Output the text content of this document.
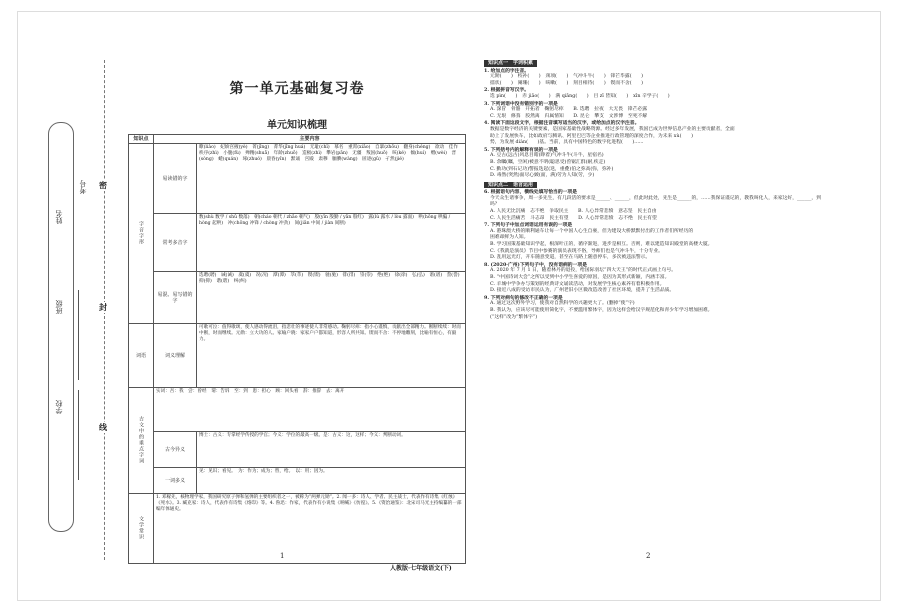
学校
班级
姓名
考号 密
封
线
第一单元基础复习卷
单元知识梳理
知识点	主要内容	
字音字形	易读错的字	瞭(liào)　妃嫔宫掖(yè)　菁(jīng)　菁华(jīng huá)　无耻(chǐ)　慕名　重霄(xiāo)　自暴(zhōu)　翻身(chéng)　欲动　佳作　秩序(zhì)　小腹(fù)　殚精(shuǎ)　年龄(zhuō)　造极(zhì)　攀岩(pān)　无疆　叛国(huō)　咳(ké)　倾(huí)　赠(wèi)　晋(sòng)　蜷(quán)　琢(zhuó)　晨昏(yǐn)　默诵　宫殿　肃穆　腼腆(wàng)　匿迹(gǔ)　孑然(jié)
	常考多音字	数(shù 数学 / shǔ 数落)　朝(cháo 朝代 / zhāo 朝气)　殷(yīn 殷勤 / yān 殷红)　露(lù 露水 / lòu 露面)　哄(hǒng 哄骗 / hòng 起哄)　冲(chōng 冲锋 / chòng 冲劲)　间(jiān 中间 / jiàn 间断)
	易混、易写错的字	选聘(聘)　诫(诫)　虞(虞)　况(况)　潭(潭)　萃(萃)　锲(锲)　驰(驰)　徘(徘)　崇(崇)　绝(绝)　徐(徐)　弘(弘)　谱(谱)　誊(誊)　抑(抑)　谐(谐)　纠(纠)
词语	词义理解	可歌可泣：值得歌颂，使人感动得流泪，指悲壮的事迹使人非常感动。鞠躬尽瘁：指小心谨慎，贡献出全部精力。断断续续：时而中断，时而继续。元勋：立大功的人。家喻户晓：家家户户都知道，形容人所共知。锲而不舍：不停地雕刻，比喻有恒心，有毅力。
古文中的重点字词	实词：吾：我　尝：曾经　谓：告诉　至：到　患：担心　顾：回头看　辞：推辞　去：离开	
	古今异义	博士：古义：专掌经学传授的学官；今义：学位的最高一级。是：古义：这，这样；今义：判断动词。
	一词多义	见：见识；看见。　为：作为；成为；替，给。　以：用；因为。
文学常识	1. 邓稼先，核物理学家，我国研究原子弹和氢弹的主要组织者之一，被称为“两弹元勋”。2. 闻一多：诗人、学者、民主战士，代表作有诗集《红烛》《死水》。3. 臧克家：诗人，代表作有诗集《烙印》等。4. 鲁迅：作家，代表作有小说集《呐喊》《彷徨》。5.《资治通鉴》：北宋司马光主持编纂的一部编年体通史。	
1
人教版·七年级语文(下)
2
知识点一　字词积累

1. 给加点的字注音。

元勋(　　)　校补(　　)　颈项(　　)　气冲斗牛(　　)　锋芒毕露(　　)

擂状(　　)　阑珊(　　)　咳嗽(　　)　刻目相待(　　)　锲而不舍(　　)

2. 根据拼音写汉字。

选 pìn(　　)　赤 jiǎo(　　)　满 qiāng(　　)　目 zī 皆知(　　)　xīn 辛学子(　　)

3. 下列词语中没有错别字的一项是

A. 深冒　骨骼　开拓者　鞠躬尽瘁　　B. 选聘　拉夜　大无畏　锋芒必露

C. 无垠　修葺　胶然离　归属情知　　D. 昆仑　攀支　文涉博　至死不解

4. 阅读下面这段文字，根据注音填写适当的汉字，或给加点的汉字注音。

数据是数字经济的关键要素，是国家基础性战略资源。经过多年发展，我国已成为世界信息产业的主要贡献者，全面

助上了发展快车，比如政府与腾讯、阿里巴巴等企业推进行政管理的深度合作，为未来 xù(　　)

势，为发展 diàn(　　)基。当前，具有中国特色的数字化进程(　　)......

5. 下列括号内的解释有误的一项是

A. 豆古(远古)风息目睹(睁着)气冲斗牛(斗牛，星宿名)

B. 余瞩(瞩，空闲)被意不明(聪思受)兽锯汇群(耐,疾走)

C. 勤功(到石记功)警报迭起(迭，重叠)伯之弥高(弥，弥补)

D. 毒然(突然)面尽心皴(面，满)劳为人知(劳，少)

知识点二　语言运用

6. 根据语句内容，横线处填写恰当的一项是

今天众生诸事争，周一多先生，有几段活的要求是______、______，但此时此处，先生是______的，……我保证谨记的，教我叫化人，来家这好，______，到吗？

A. 人民无比沉痛　志不绝　争取民主　　B. 人心异常悲愤　意志坚　民主自由

C. 人民生活痛苦　斗志昂　民主有望　　D. 人心异常悲愤　志不绝　民主有望

7. 下列句子中加点词语运用有误的一项是

A. 港珠澳大桥的顺利通车让每一个中国人心生自豪，但为建设大桥默默付出的工作者们所经历的

困难却鲜为人知。

B. 学习国策基础知识学起，根深叶正的，循序渐进，进步是相互。否则，难以建造知识殿堂的高楼大厦。

C.《我就是演员》节目中参赛的演员表现不俗，导师们也是气冲斗牛，十分专业。

D. 乱用远光灯，开车随意变道，甚至在马路上随意停车，多次被违法警示。

8. (2020·广州)下列句子中，没有语病的一项是

A. 2020 年 7 月 1 日，随着林丹的退役，给国际羽坛“四大天王”的时代正式画上句号。

B. “中国诗词大会”之所以受到中小学生喜爱的原因，是因为其形式新颖，内涵丰富。

C. 羊城中学争办与策划的经典诗文诵读活动，对发展学生核心素养有着积极作用。

D. 接近八成的受访市民认为，广州老旧小区微改造改善了社区环境，提升了生活品质。

9. 下列对病句的修改不正确的一项是

A. 通过这次野外学习，使我对自然科学的兴趣更大了。(删掉“使”字)

B. 我认为，应该尽可能使用简化字，不要滥用繁体字，因为这样会给汉字规范化和青少年学习增加困难。

(“这样”改为“繁体字”)
